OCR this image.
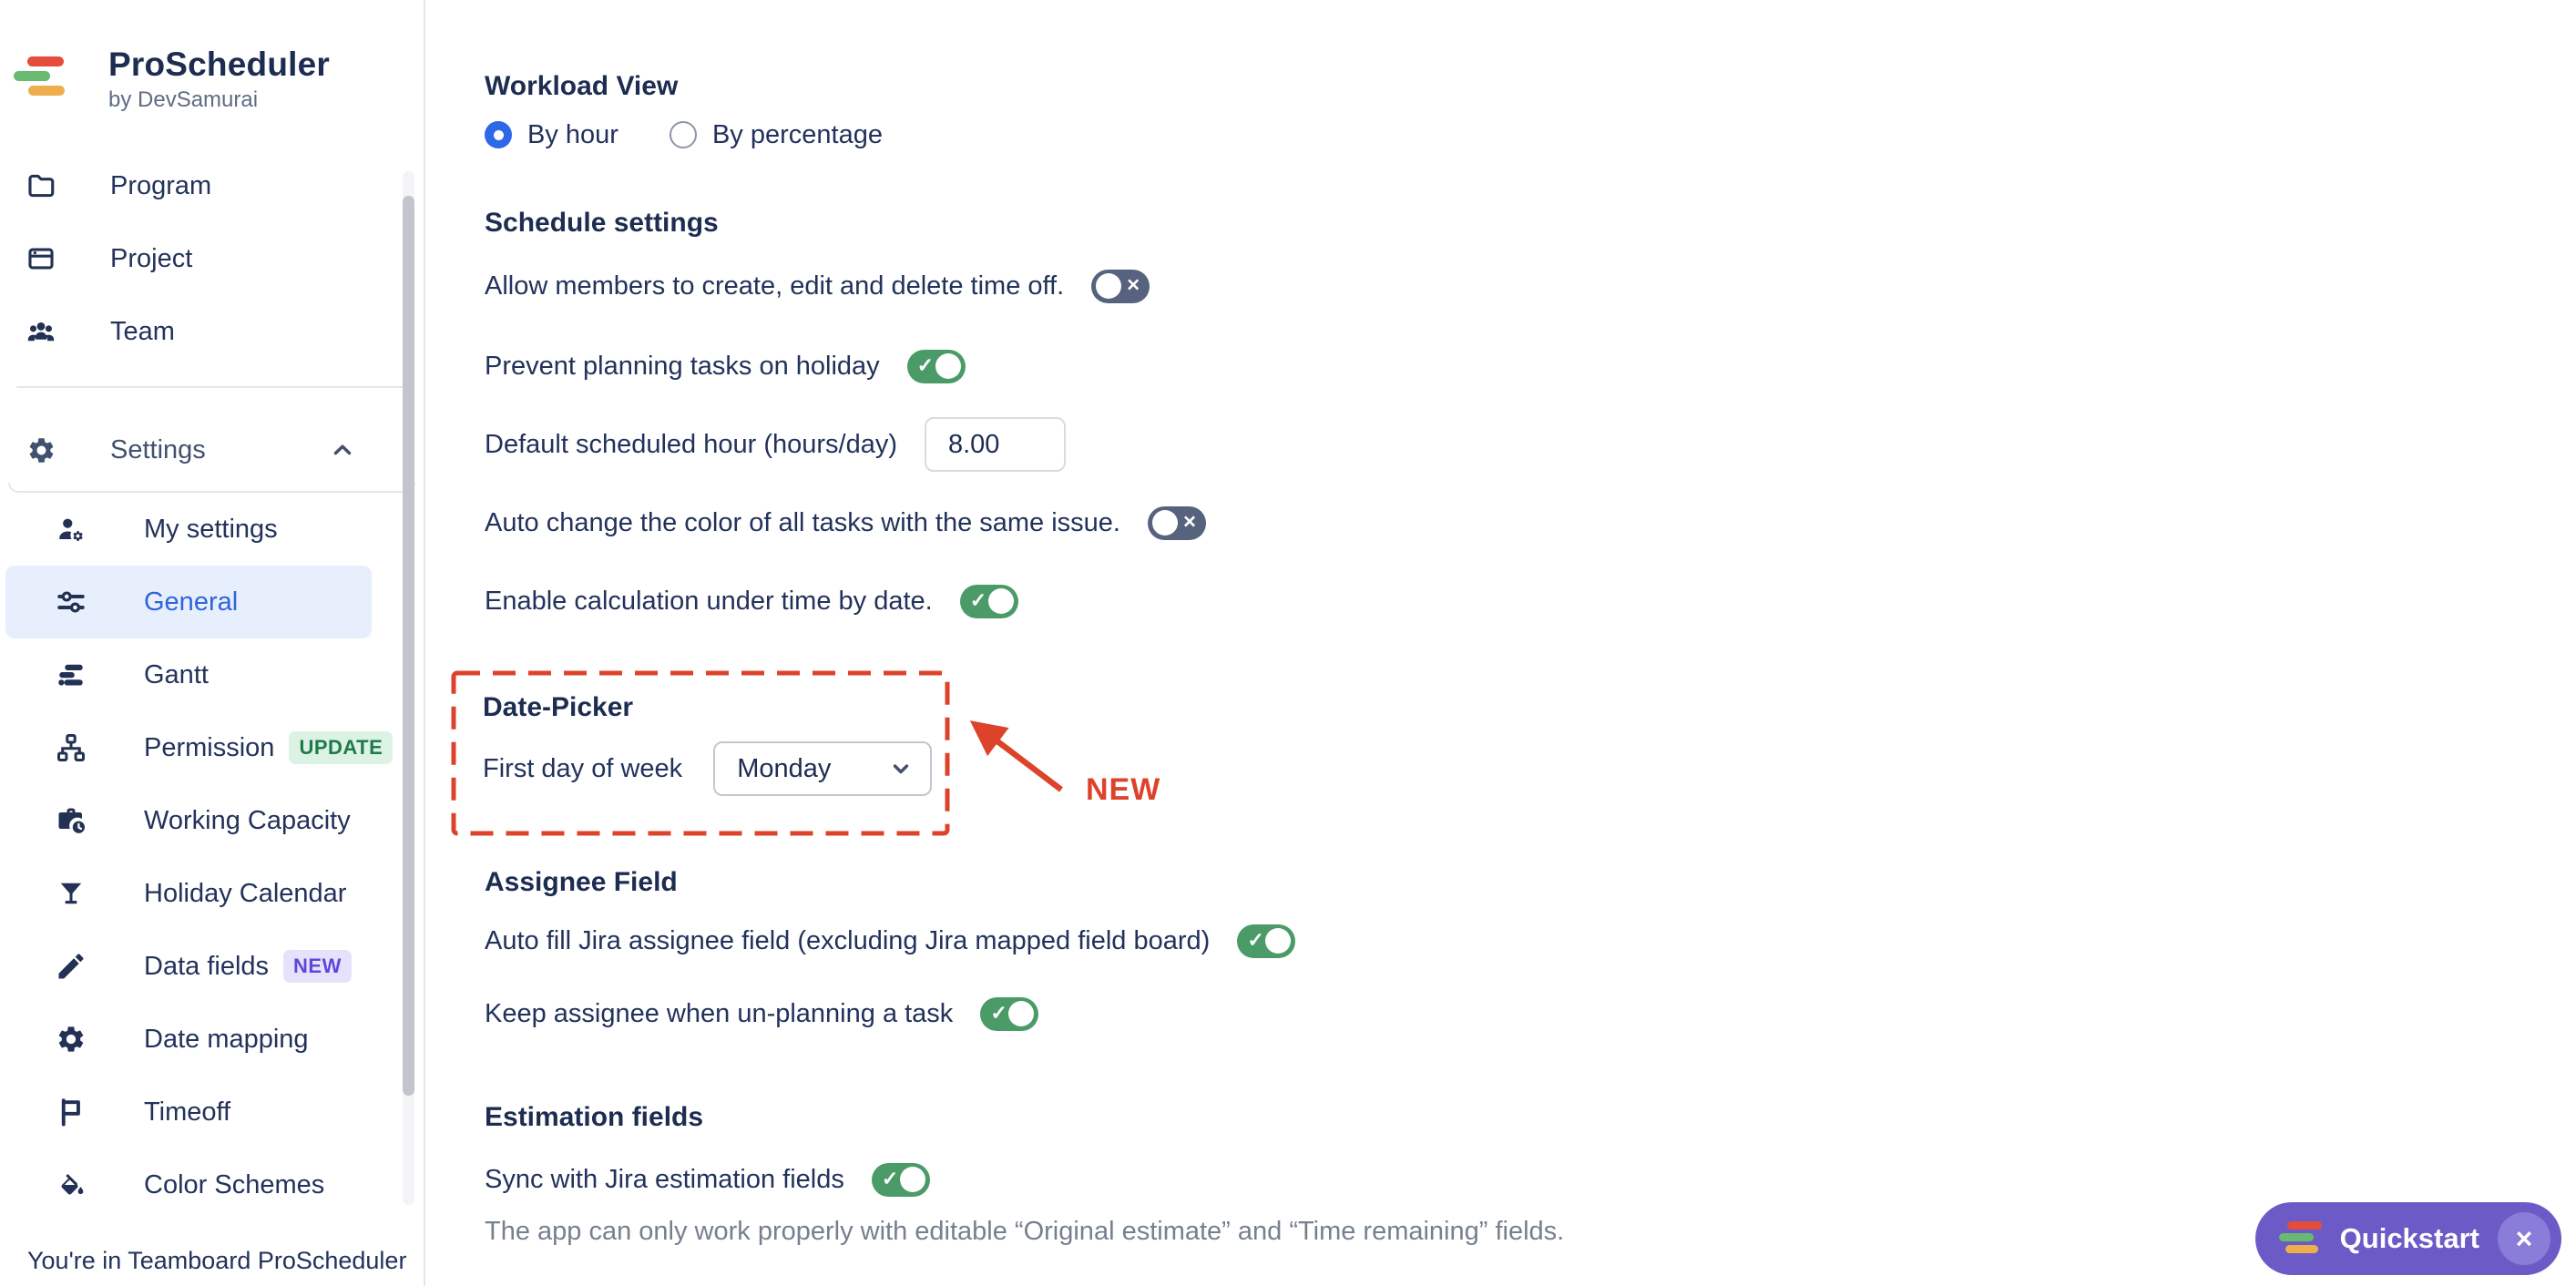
ProScheduler
by DevSamurai
Program
Project
Team
Settings
My settings
General
Gantt
Permission	UPDATE
Working Capacity
Holiday Calendar
Data fields	NEW
Date mapping
Timeoff
Color Schemes
You're in Teamboard ProScheduler
Workload View
By hour	By percentage
Schedule settings
Allow members to create, edit and delete time off.	×
Prevent planning tasks on holiday ✓
Default scheduled hour (hours/day)
8.00
Auto change the color of all tasks with the same issue.	×
Enable calculation under time by date. ✓
Date-Picker
First day of week Monday
Assignee Field
Auto fill Jira assignee field (excluding Jira mapped field board) ✓
Keep assignee when un-planning a task ✓
Estimation fields
Sync with Jira estimation fields ✓
The app can only work properly with editable “Original estimate” and “Time remaining” fields.
NEW
Quickstart	×
